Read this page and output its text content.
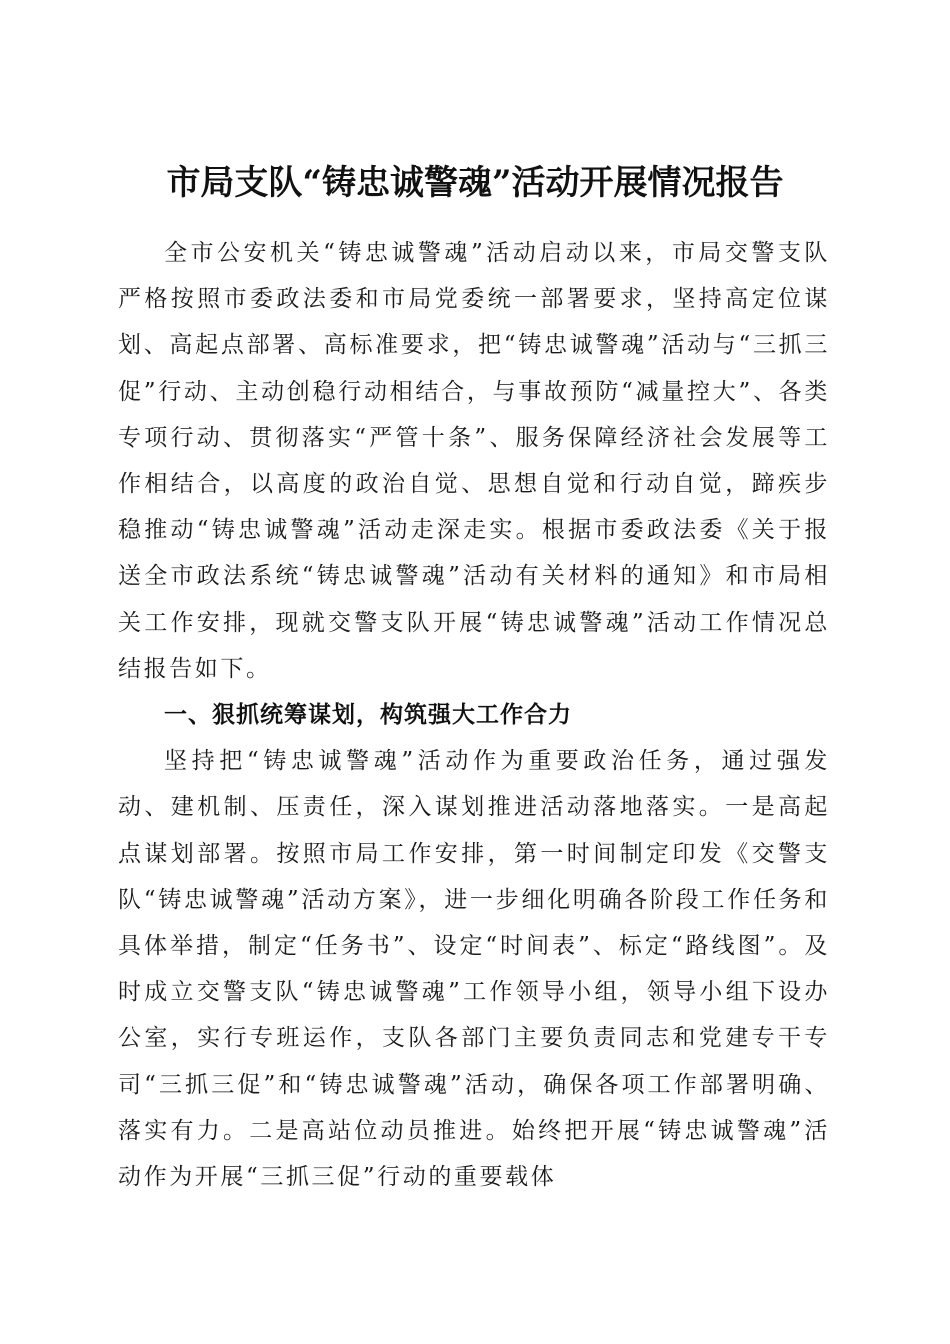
市局支队“铸忠诚警魂”活动开展情况报告

全市公安机关“铸忠诚警魂”活动启动以来，市局交警支队严格按照市委政法委和市局党委统一部署要求，坚持高定位谋划、高起点部署、高标准要求，把“铸忠诚警魂”活动与“三抓三促”行动、主动创稳行动相结合，与事故预防“减量控大”、各类专项行动、贯彻落实“严管十条”、服务保障经济社会发展等工作相结合，以高度的政治自觉、思想自觉和行动自觉，蹄疾步稳推动“铸忠诚警魂”活动走深走实。根据市委政法委《关于报送全市政法系统“铸忠诚警魂”活动有关材料的通知》和市局相关工作安排，现就交警支队开展“铸忠诚警魂”活动工作情况总结报告如下。

一、狠抓统筹谋划，构筑强大工作合力

坚持把“铸忠诚警魂”活动作为重要政治任务，通过强发动、建机制、压责任，深入谋划推进活动落地落实。一是高起点谋划部署。按照市局工作安排，第一时间制定印发《交警支队“铸忠诚警魂”活动方案》，进一步细化明确各阶段工作任务和具体举措，制定“任务书”、设定“时间表”、标定“路线图”。及时成立交警支队“铸忠诚警魂”工作领导小组，领导小组下设办公室，实行专班运作，支队各部门主要负责同志和党建专干专司“三抓三促”和“铸忠诚警魂”活动，确保各项工作部署明确、落实有力。二是高站位动员推进。始终把开展“铸忠诚警魂”活动作为开展“三抓三促”行动的重要载体
